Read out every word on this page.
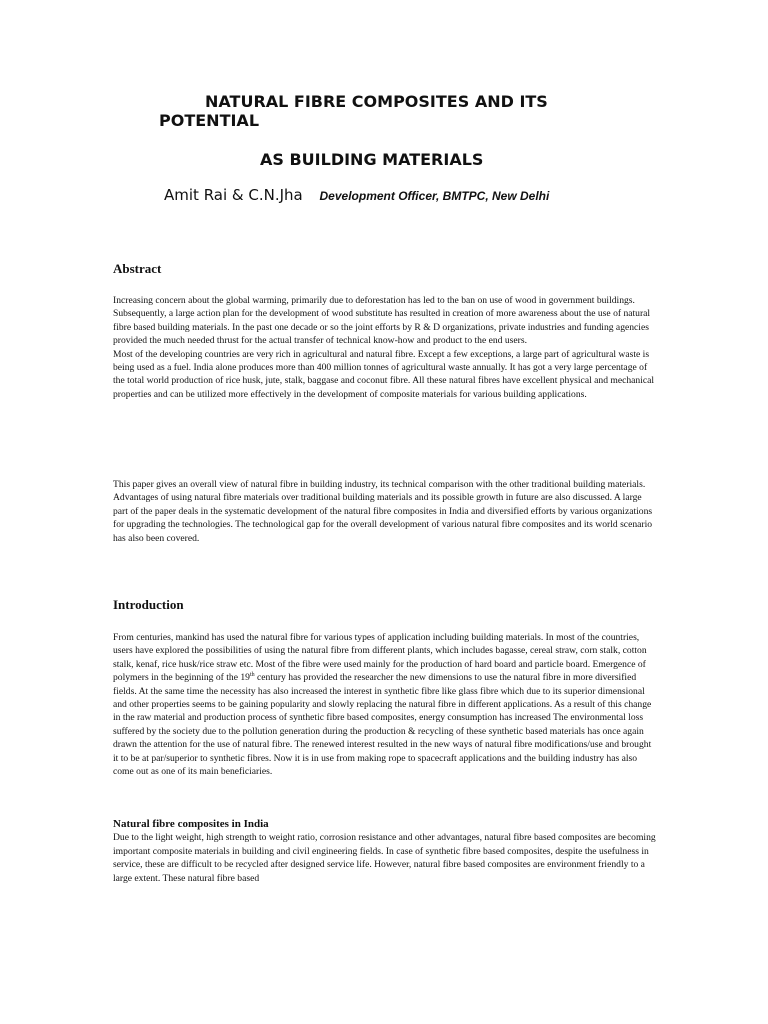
NATURAL FIBRE COMPOSITES AND ITS
POTENTIAL
AS BUILDING MATERIALS
Amit Rai & C.N.Jha Development Officer, BMTPC, New Delhi
Abstract

Increasing concern about the global warming, primarily due to deforestation has led to the ban on use of wood in government buildings. Subsequently, a large action plan for the development of wood substitute has resulted in creation of more awareness about the use of natural fibre based building materials. In the past one decade or so the joint efforts by R & D organizations, private industries and funding agencies provided the much needed thrust for the actual transfer of technical know-how and product to the end users.

Most of the developing countries are very rich in agricultural and natural fibre. Except a few exceptions, a large part of agricultural waste is being used as a fuel. India alone produces more than 400 million tonnes of agricultural waste annually. It has got a very large percentage of the total world production of rice husk, jute, stalk, baggase and coconut fibre. All these natural fibres have excellent physical and mechanical properties and can be utilized more effectively in the development of composite materials for various building applications.

This paper gives an overall view of natural fibre in building industry, its technical comparison with the other traditional building materials. Advantages of using natural fibre materials over traditional building materials and its possible growth in future are also discussed. A large part of the paper deals in the systematic development of the natural fibre composites in India and diversified efforts by various organizations for upgrading the technologies. The technological gap for the overall development of various natural fibre composites and its world scenario has also been covered.

Introduction

From centuries, mankind has used the natural fibre for various types of application including building materials. In most of the countries, users have explored the possibilities of using the natural fibre from different plants, which includes bagasse, cereal straw, corn stalk, cotton stalk, kenaf, rice husk/rice straw etc. Most of the fibre were used mainly for the production of hard board and particle board. Emergence of polymers in the beginning of the 19th century has provided the researcher the new dimensions to use the natural fibre in more diversified fields. At the same time the necessity has also increased the interest in synthetic fibre like glass fibre which due to its superior dimensional and other properties seems to be gaining popularity and slowly replacing the natural fibre in different applications. As a result of this change in the raw material and production process of synthetic fibre based composites, energy consumption has increased The environmental loss suffered by the society due to the pollution generation during the production & recycling of these synthetic based materials has once again drawn the attention for the use of natural fibre. The renewed interest resulted in the new ways of natural fibre modifications/use and brought it to be at par/superior to synthetic fibres. Now it is in use from making rope to spacecraft applications and the building industry has also come out as one of its main beneficiaries.

Natural fibre composites in India

Due to the light weight, high strength to weight ratio, corrosion resistance and other advantages, natural fibre based composites are becoming important composite materials in building and civil engineering fields. In case of synthetic fibre based composites, despite the usefulness in service, these are difficult to be recycled after designed service life. However, natural fibre based composites are environment friendly to a large extent. These natural fibre based
